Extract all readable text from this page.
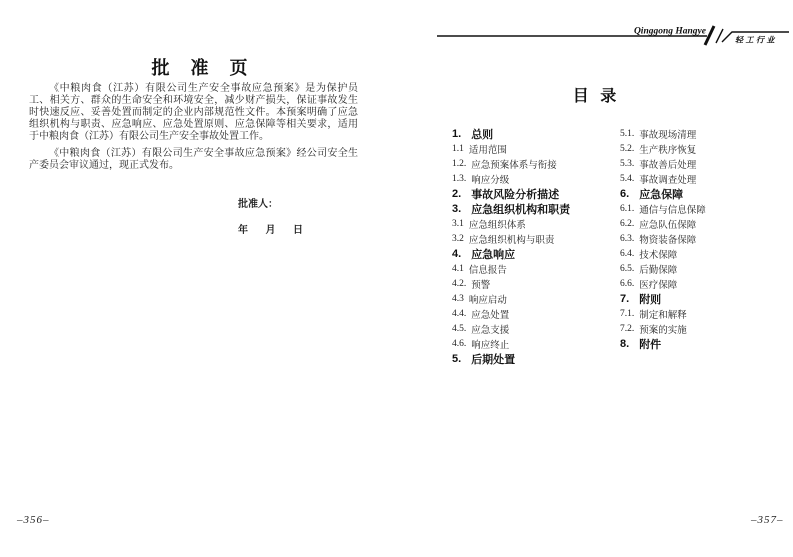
批 准 页

《中粮肉食（江苏）有限公司生产安全事故应急预案》是为保护员工、相关方、群众的生命安全和环境安全，减少财产损失，保证事故发生时快速反应、妥善处置而制定的企业内部规范性文件。本预案明确了应急组织机构与职责、应急响应、应急处置原则、应急保障等相关要求，适用于中粮肉食（江苏）有限公司生产安全事故处置工作。

《中粮肉食（江苏）有限公司生产安全事故应急预案》经公司安全生产委员会审议通过，现正式发布。

批准人：
年 月 日
–356–
Qinggong Hangye
轻工行业
目 录
1. 总则
1.1 适用范围
1.2. 应急预案体系与衔接
1.3. 响应分级
2. 事故风险分析描述
3. 应急组织机构和职责
3.1 应急组织体系
3.2 应急组织机构与职责
4. 应急响应
4.1 信息报告
4.2. 预警
4.3 响应启动
4.4. 应急处置
4.5. 应急支援
4.6. 响应终止
5. 后期处置
5.1. 事故现场清理
5.2. 生产秩序恢复
5.3. 事故善后处理
5.4. 事故调查处理
6. 应急保障
6.1. 通信与信息保障
6.2. 应急队伍保障
6.3. 物资装备保障
6.4. 技术保障
6.5. 后勤保障
6.6. 医疗保障
7. 附则
7.1. 制定和解释
7.2. 预案的实施
8. 附件
–357–
